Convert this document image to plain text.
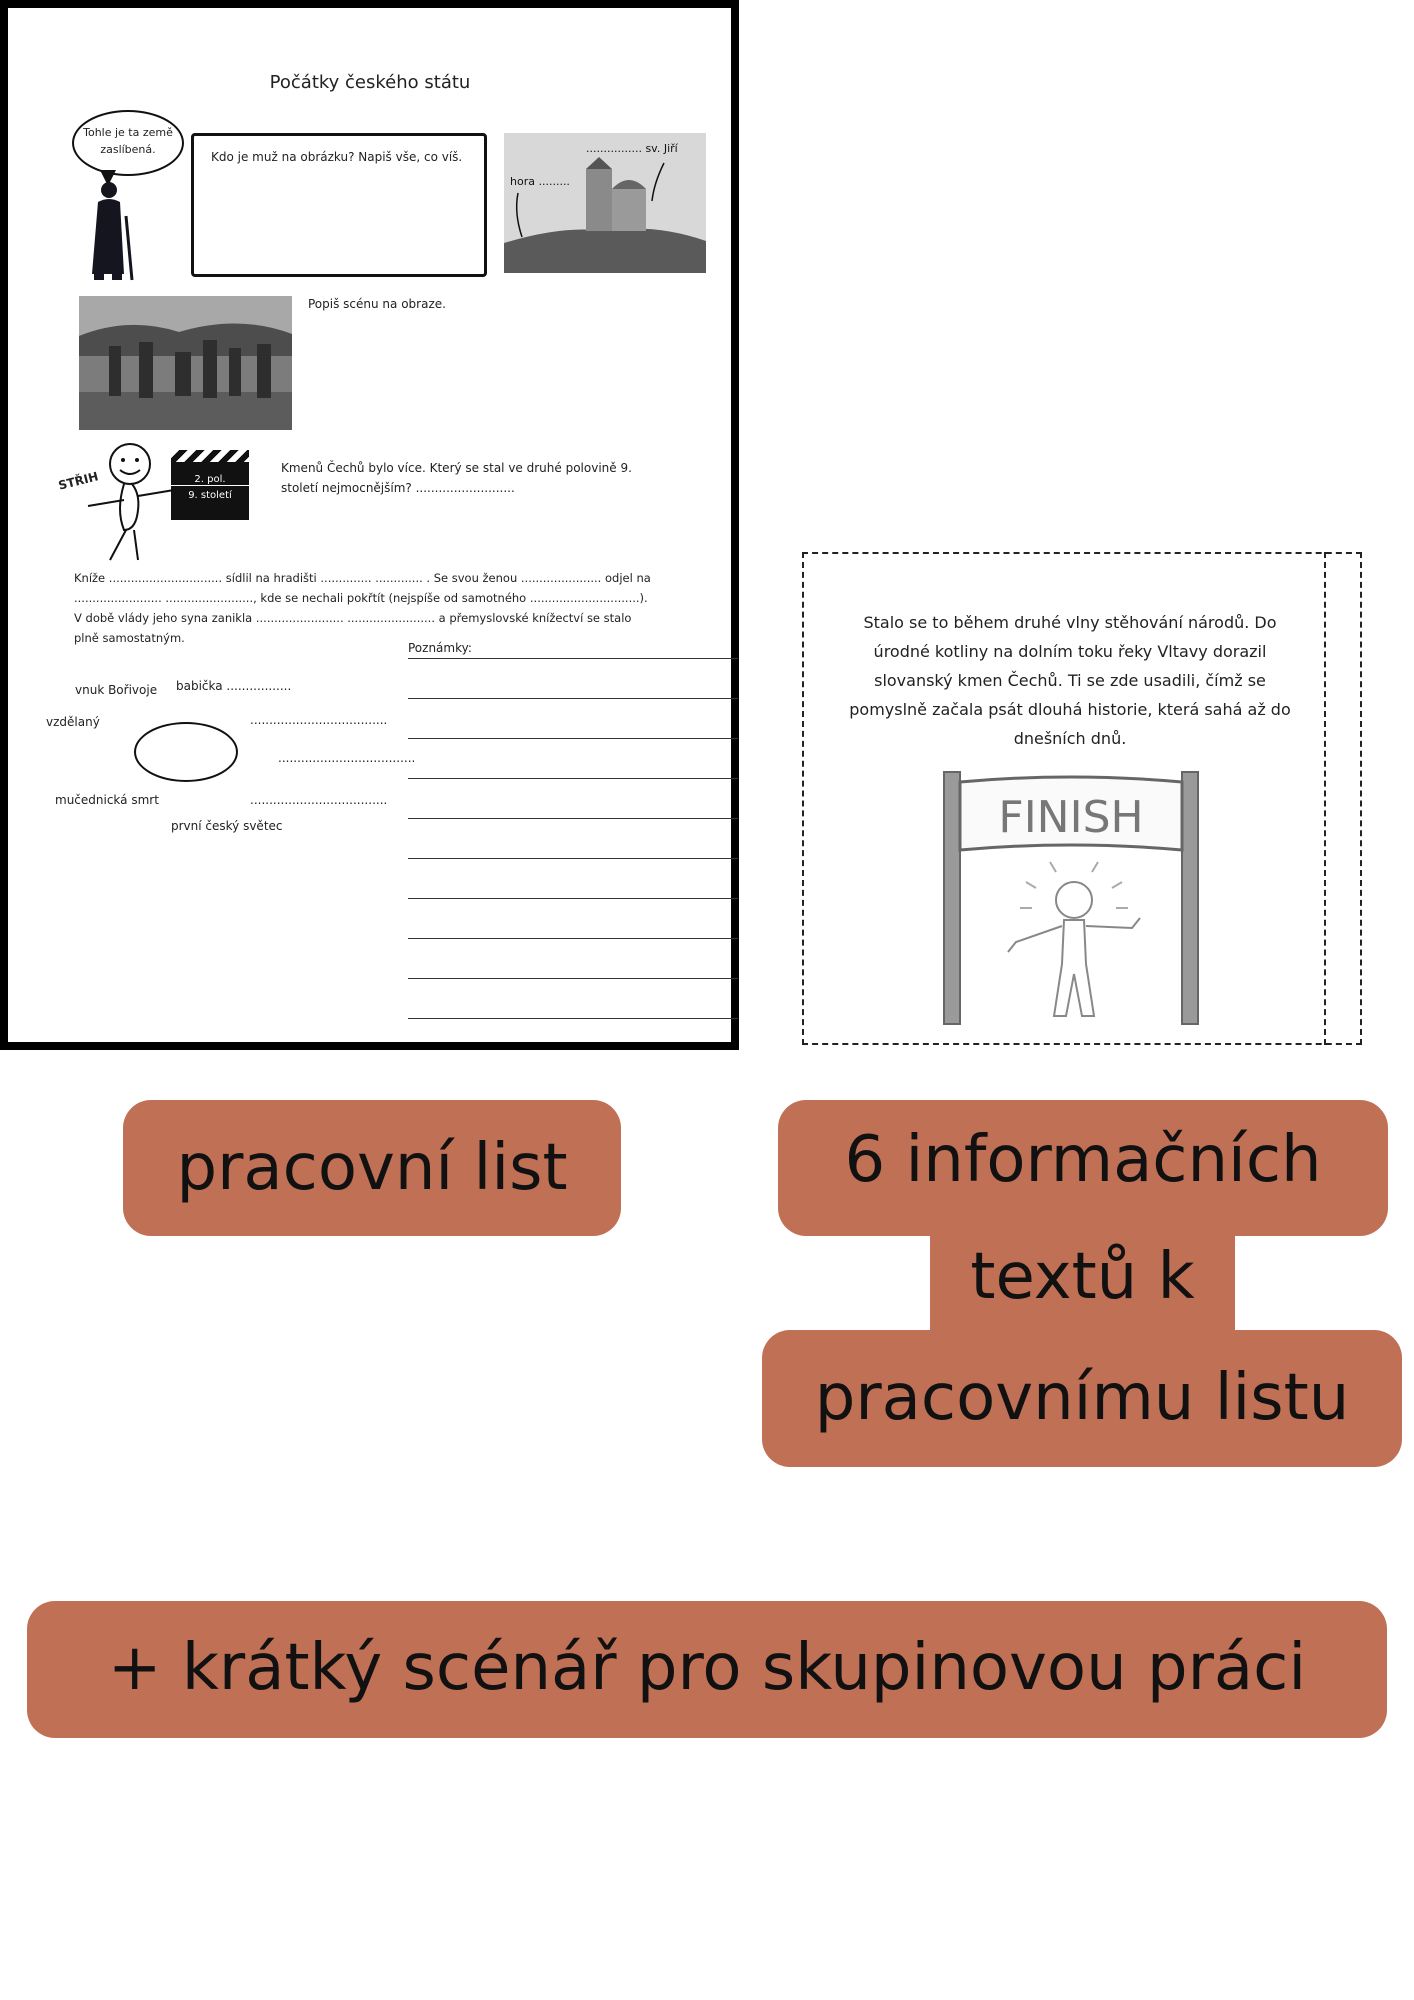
Počátky českého státu
Tohle je ta země zaslíbená.
Kdo je muž na obrázku? Napiš vše, co víš.
................ sv. Jiří
hora .........
Popiš scénu na obraze.
STŘIH	2. pol.
9. století
Kmenů Čechů bylo více. Který se stal ve druhé polovině 9. století nejmocnějším? ..........................
Kníže ............................... sídlil na hradišti .............. ............. . Se svou ženou ...................... odjel na
........................ ........................, kde se nechali pokřtít (nejspíše od samotného ..............................).
V době vlády jeho syna zanikla ........................ ........................ a přemyslovské knížectví se stalo
plně samostatným.
Poznámky:
vnuk Bořivoje babička .................
vzdělaný	....................................
....................................
mučednická smrt	....................................
první český světec
Stalo se to během druhé vlny stěhování národů. Do úrodné kotliny na dolním toku řeky Vltavy dorazil slovanský kmen Čechů. Ti se zde usadili, čímž se pomyslně začala psát dlouhá historie, která sahá až do dnešních dnů.
FINISH
pracovní list	6 informačních
textů k
pracovnímu listu
+ krátký scénář pro skupinovou práci
